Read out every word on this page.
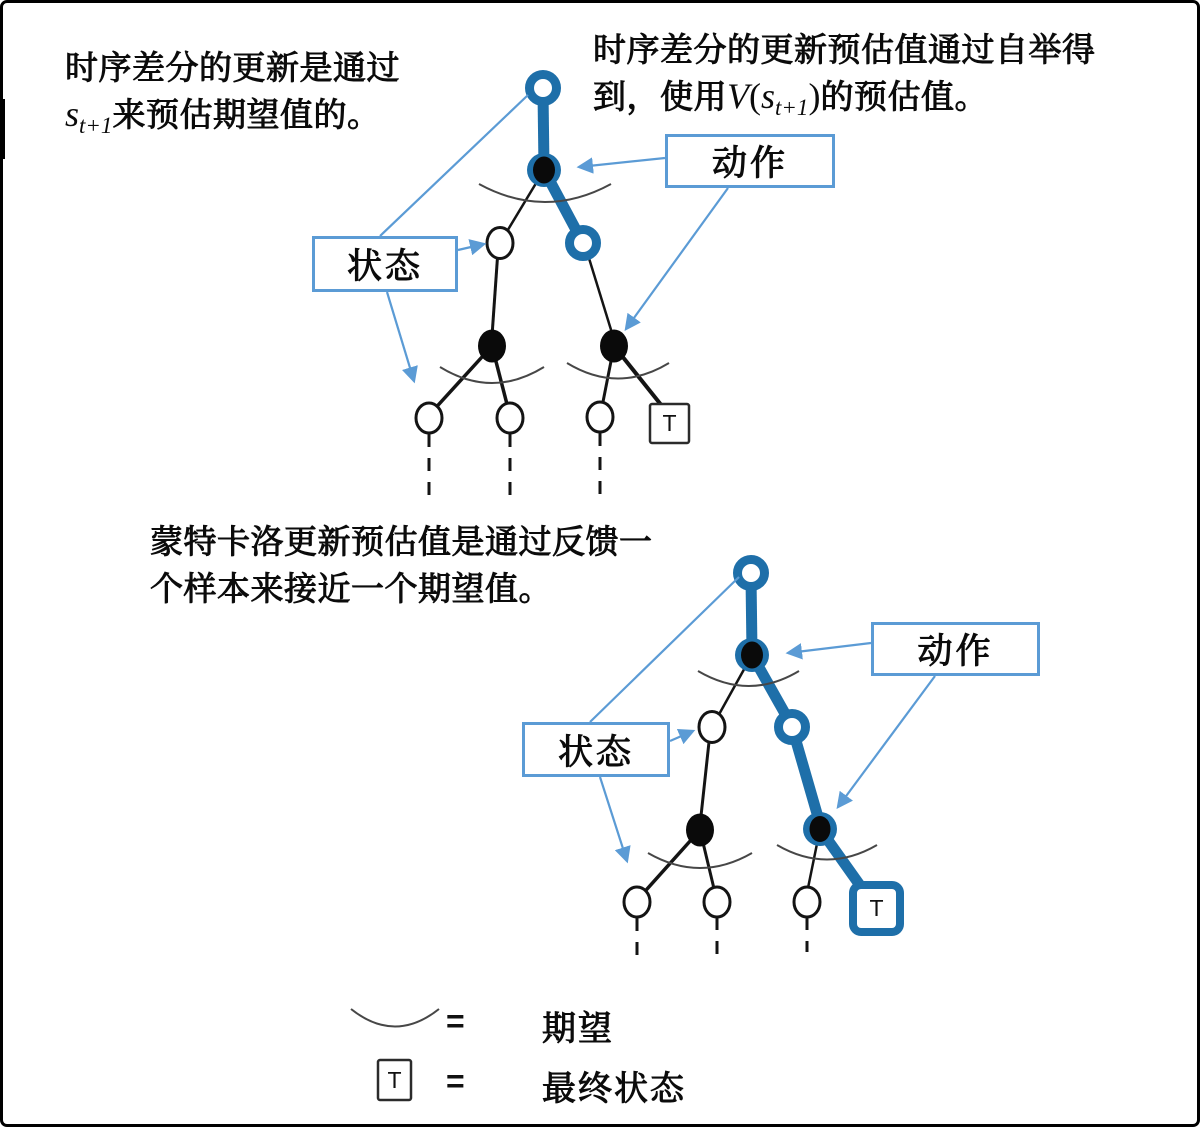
T
T
T
时序差分的更新是通过
$s_{t+1}$来预估期望值的。
时序差分的更新预估值通过自举得
到，使用$V(s_{t+1})$的预估值。
蒙特卡洛更新预估值是通过反馈一
个样本来接近一个期望值。
状态
动作
状态
动作
= 期望
= 最终状态
